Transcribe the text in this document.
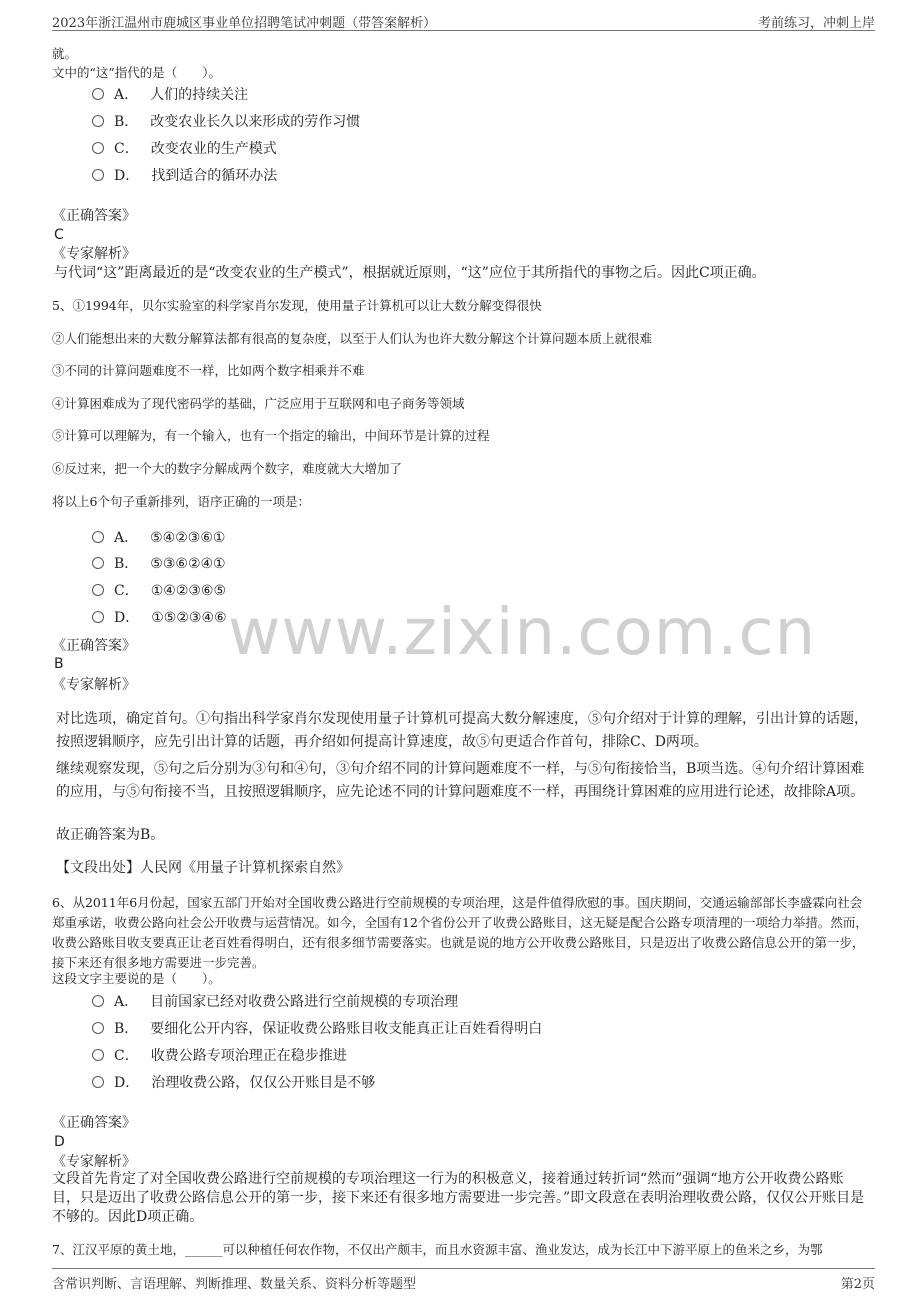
2023年浙江温州市鹿城区事业单位招聘笔试冲刺题（带答案解析）	考前练习，冲刺上岸
www.zixin.com.cn
就。
文中的“这”指代的是（　　）。
A． 人们的持续关注
B． 改变农业长久以来形成的劳作习惯
C． 改变农业的生产模式
D． 找到适合的循环办法
《正确答案》
C
《专家解析》
与代词“这”距离最近的是“改变农业的生产模式”，根据就近原则，“这”应位于其所指代的事物之后。因此C项正确。
5、①1994年，贝尔实验室的科学家肖尔发现，使用量子计算机可以让大数分解变得很快
②人们能想出来的大数分解算法都有很高的复杂度，以至于人们认为也许大数分解这个计算问题本质上就很难
③不同的计算问题难度不一样，比如两个数字相乘并不难
④计算困难成为了现代密码学的基础，广泛应用于互联网和电子商务等领域
⑤计算可以理解为，有一个输入，也有一个指定的输出，中间环节是计算的过程
⑥反过来，把一个大的数字分解成两个数字，难度就大大增加了
将以上6个句子重新排列，语序正确的一项是：
A． ⑤④②③⑥①
B． ⑤③⑥②④①
C． ①④②③⑥⑤
D． ①⑤②③④⑥
《正确答案》
B
《专家解析》
对比选项，确定首句。①句指出科学家肖尔发现使用量子计算机可提高大数分解速度，⑤句介绍对于计算的理解，引出计算的话题，按照逻辑顺序，应先引出计算的话题，再介绍如何提高计算速度，故⑤句更适合作首句，排除C、D两项。
继续观察发现，⑤句之后分别为③句和④句，③句介绍不同的计算问题难度不一样，与⑤句衔接恰当，B项当选。④句介绍计算困难的应用，与⑤句衔接不当，且按照逻辑顺序，应先论述不同的计算问题难度不一样，再围绕计算困难的应用进行论述，故排除A项。
故正确答案为B。
【文段出处】人民网《用量子计算机探索自然》
6、从2011年6月份起，国家五部门开始对全国收费公路进行空前规模的专项治理，这是件值得欣慰的事。国庆期间，交通运输部部长李盛霖向社会郑重承诺，收费公路向社会公开收费与运营情况。如今，全国有12个省份公开了收费公路账目，这无疑是配合公路专项清理的一项给力举措。然而，收费公路账目收支要真正让老百姓看得明白，还有很多细节需要落实。也就是说的地方公开收费公路账目，只是迈出了收费公路信息公开的第一步，接下来还有很多地方需要进一步完善。
这段文字主要说的是（　　）。
A． 目前国家已经对收费公路进行空前规模的专项治理
B． 要细化公开内容，保证收费公路账目收支能真正让百姓看得明白
C． 收费公路专项治理正在稳步推进
D． 治理收费公路，仅仅公开账目是不够
《正确答案》
D
《专家解析》
文段首先肯定了对全国收费公路进行空前规模的专项治理这一行为的积极意义，接着通过转折词“然而”强调“地方公开收费公路账目，只是迈出了收费公路信息公开的第一步，接下来还有很多地方需要进一步完善。”即文段意在表明治理收费公路，仅仅公开账目是不够的。因此D项正确。
7、江汉平原的黄土地，______可以种植任何农作物，不仅出产颇丰，而且水资源丰富、渔业发达，成为长江中下游平原上的鱼米之乡，为鄂
含常识判断、言语理解、判断推理、数量关系、资料分析等题型	第2页
